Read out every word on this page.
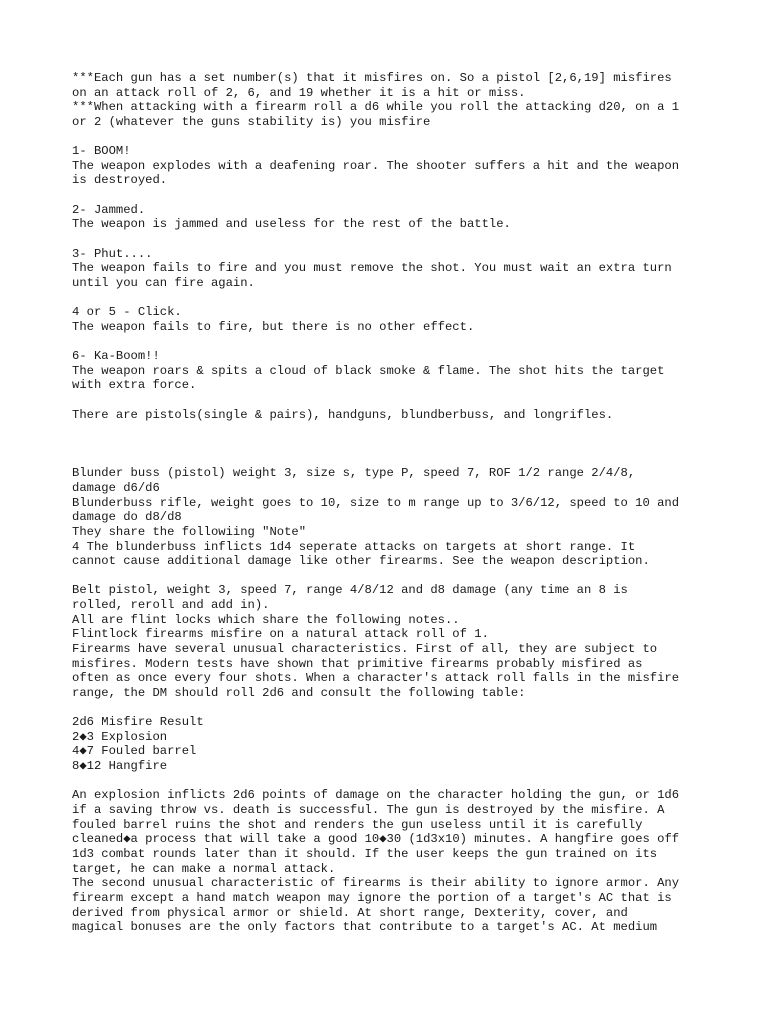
***Each gun has a set number(s) that it misfires on. So a pistol [2,6,19] misfires
on an attack roll of 2, 6, and 19 whether it is a hit or miss.
***When attacking with a firearm roll a d6 while you roll the attacking d20, on a 1
or 2 (whatever the guns stability is) you misfire
1- BOOM!
The weapon explodes with a deafening roar. The shooter suffers a hit and the weapon
is destroyed.
2- Jammed.
The weapon is jammed and useless for the rest of the battle.
3- Phut....
The weapon fails to fire and you must remove the shot. You must wait an extra turn
until you can fire again.
4 or 5 - Click.
The weapon fails to fire, but there is no other effect.
6- Ka-Boom!!
The weapon roars & spits a cloud of black smoke & flame. The shot hits the target
with extra force.
There are pistols(single & pairs), handguns, blundberbuss, and longrifles.
Blunder buss (pistol) weight 3, size s, type P, speed 7, ROF 1/2 range 2/4/8,
damage d6/d6
Blunderbuss rifle, weight goes to 10, size to m range up to 3/6/12, speed to 10 and
damage do d8/d8
They share the followiing "Note"
4 The blunderbuss inflicts 1d4 seperate attacks on targets at short range. It
cannot cause additional damage like other firearms. See the weapon description.
Belt pistol, weight 3, speed 7, range 4/8/12 and d8 damage (any time an 8 is
rolled, reroll and add in).
All are flint locks which share the following notes..
Flintlock firearms misfire on a natural attack roll of 1.
Firearms have several unusual characteristics. First of all, they are subject to
misfires. Modern tests have shown that primitive firearms probably misfired as
often as once every four shots. When a character's attack roll falls in the misfire
range, the DM should roll 2d6 and consult the following table:
2d6 Misfire Result
2◆3 Explosion
4◆7 Fouled barrel
8◆12 Hangfire
An explosion inflicts 2d6 points of damage on the character holding the gun, or 1d6
if a saving throw vs. death is successful. The gun is destroyed by the misfire. A
fouled barrel ruins the shot and renders the gun useless until it is carefully
cleaned◆a process that will take a good 10◆30 (1d3x10) minutes. A hangfire goes off
1d3 combat rounds later than it should. If the user keeps the gun trained on its
target, he can make a normal attack.
The second unusual characteristic of firearms is their ability to ignore armor. Any
firearm except a hand match weapon may ignore the portion of a target's AC that is
derived from physical armor or shield. At short range, Dexterity, cover, and
magical bonuses are the only factors that contribute to a target's AC. At medium
